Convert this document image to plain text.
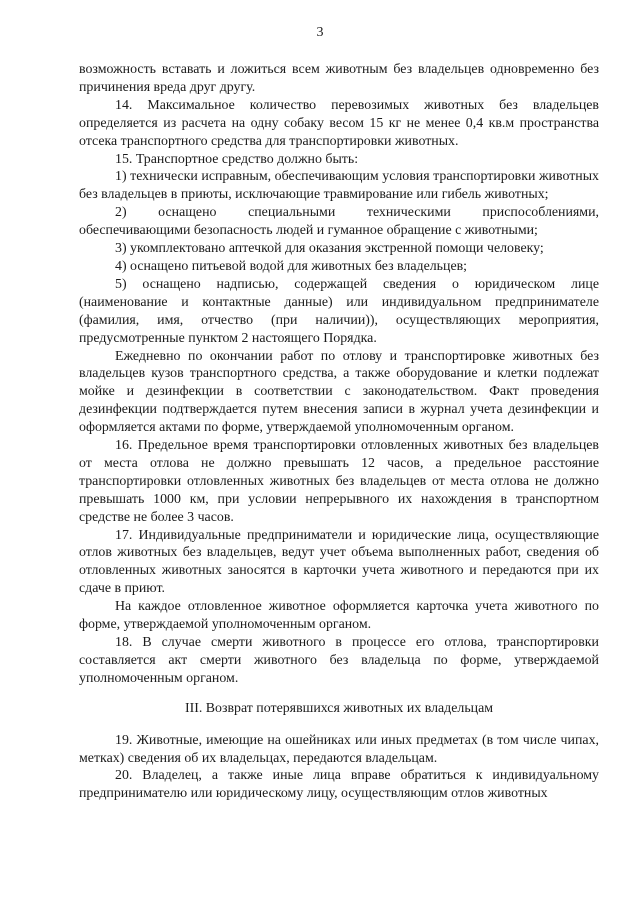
3

возможность вставать и ложиться всем животным без владельцев одновременно без причинения вреда друг другу.

14. Максимальное количество перевозимых животных без владельцев определяется из расчета на одну собаку весом 15 кг не менее 0,4 кв.м пространства отсека транспортного средства для транспортировки животных.

15. Транспортное средство должно быть:

1) технически исправным, обеспечивающим условия транспортировки животных без владельцев в приюты, исключающие травмирование или гибель животных;

2) оснащено специальными техническими приспособлениями, обеспечивающими безопасность людей и гуманное обращение с животными;

3) укомплектовано аптечкой для оказания экстренной помощи человеку;

4) оснащено питьевой водой для животных без владельцев;

5) оснащено надписью, содержащей сведения о юридическом лице (наименование и контактные данные) или индивидуальном предпринимателе (фамилия, имя, отчество (при наличии)), осуществляющих мероприятия, предусмотренные пунктом 2 настоящего Порядка.

Ежедневно по окончании работ по отлову и транспортировке животных без владельцев кузов транспортного средства, а также оборудование и клетки подлежат мойке и дезинфекции в соответствии с законодательством. Факт проведения дезинфекции подтверждается путем внесения записи в журнал учета дезинфекции и оформляется актами по форме, утверждаемой уполномоченным органом.

16. Предельное время транспортировки отловленных животных без владельцев от места отлова не должно превышать 12 часов, а предельное расстояние транспортировки отловленных животных без владельцев от места отлова не должно превышать 1000 км, при условии непрерывного их нахождения в транспортном средстве не более 3 часов.

17. Индивидуальные предприниматели и юридические лица, осуществляющие отлов животных без владельцев, ведут учет объема выполненных работ, сведения об отловленных животных заносятся в карточки учета животного и передаются при их сдаче в приют.

На каждое отловленное животное оформляется карточка учета животного по форме, утверждаемой уполномоченным органом.

18. В случае смерти животного в процессе его отлова, транспортировки составляется акт смерти животного без владельца по форме, утверждаемой уполномоченным органом.

III. Возврат потерявшихся животных их владельцам

19. Животные, имеющие на ошейниках или иных предметах (в том числе чипах, метках) сведения об их владельцах, передаются владельцам.

20. Владелец, а также иные лица вправе обратиться к индивидуальному предпринимателю или юридическому лицу, осуществляющим отлов животных
